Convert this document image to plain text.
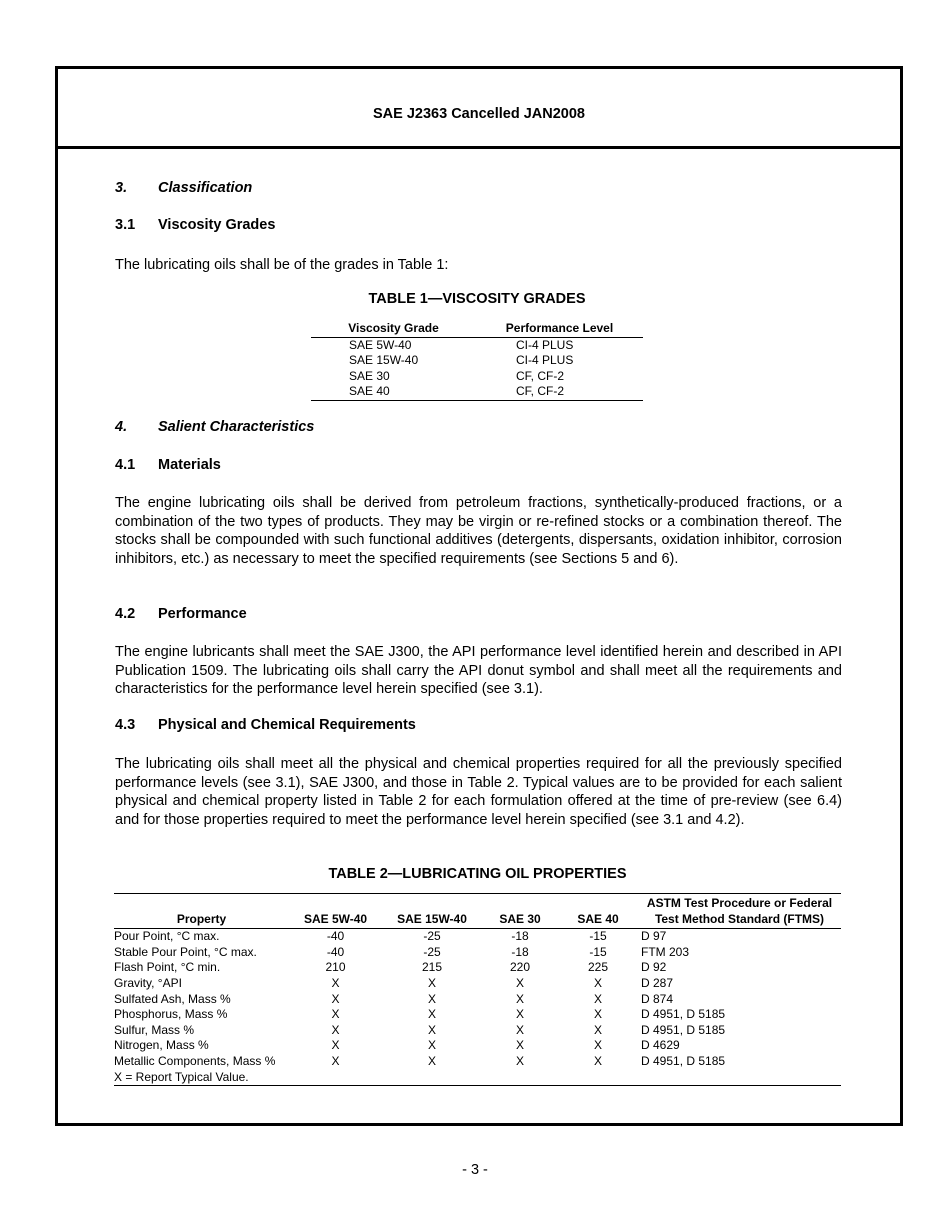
SAE J2363 Cancelled JAN2008
3. Classification
3.1 Viscosity Grades
The lubricating oils shall be of the grades in Table 1:
TABLE 1—VISCOSITY GRADES
Viscosity Grade	Performance Level
SAE 5W-40	CI-4 PLUS
SAE 15W-40	CI-4 PLUS
SAE 30	CF, CF-2
SAE 40	CF, CF-2
4. Salient Characteristics
4.1 Materials
The engine lubricating oils shall be derived from petroleum fractions, synthetically-produced fractions, or a combination of the two types of products. They may be virgin or re-refined stocks or a combination thereof. The stocks shall be compounded with such functional additives (detergents, dispersants, oxidation inhibitor, corrosion inhibitors, etc.) as necessary to meet the specified requirements (see Sections 5 and 6).
4.2 Performance
The engine lubricants shall meet the SAE J300, the API performance level identified herein and described in API Publication 1509. The lubricating oils shall carry the API donut symbol and shall meet all the requirements and characteristics for the performance level herein specified (see 3.1).
4.3 Physical and Chemical Requirements
The lubricating oils shall meet all the physical and chemical properties required for all the previously specified performance levels (see 3.1), SAE J300, and those in Table 2. Typical values are to be provided for each salient physical and chemical property listed in Table 2 for each formulation offered at the time of pre-review (see 6.4) and for those properties required to meet the performance level herein specified (see 3.1 and 4.2).
TABLE 2—LUBRICATING OIL PROPERTIES
Property	SAE 5W-40	SAE 15W-40	SAE 30	SAE 40	ASTM Test Procedure or Federal Test Method Standard (FTMS)
Pour Point, °C max.	-40	-25	-18	-15	D 97
Stable Pour Point, °C max.	-40	-25	-18	-15	FTM 203
Flash Point, °C min.	210	215	220	225	D 92
Gravity, °API	X	X	X	X	D 287
Sulfated Ash, Mass %	X	X	X	X	D 874
Phosphorus, Mass %	X	X	X	X	D 4951, D 5185
Sulfur, Mass %	X	X	X	X	D 4951, D 5185
Nitrogen, Mass %	X	X	X	X	D 4629
Metallic Components, Mass %	X	X	X	X	D 4951, D 5185
X = Report Typical Value.					
- 3 -
